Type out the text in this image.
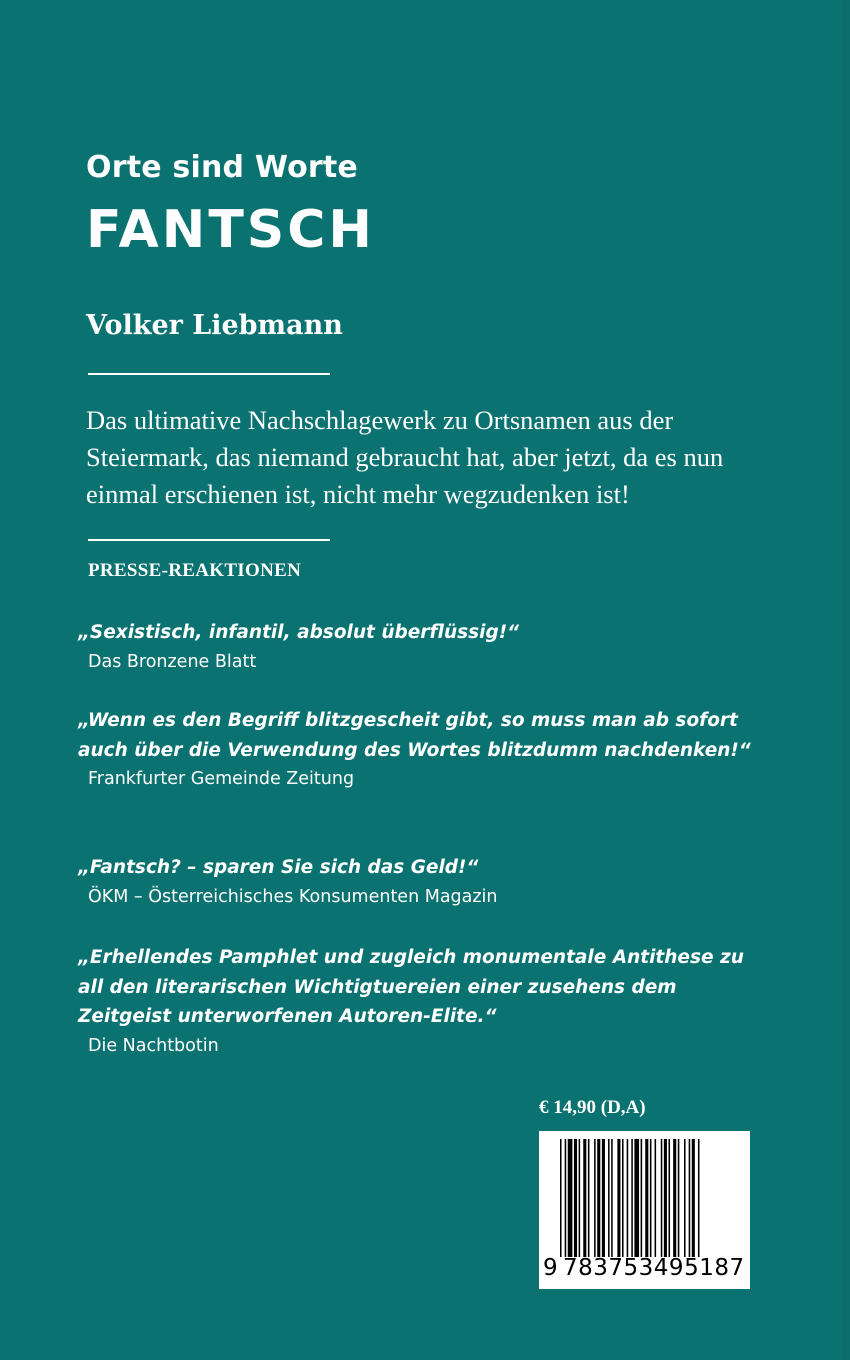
Orte sind Worte
FANTSCH
Volker Liebmann
Das ultimative Nachschlagewerk zu Ortsnamen aus der Steiermark, das niemand gebraucht hat, aber jetzt, da es nun einmal erschienen ist, nicht mehr wegzudenken ist!
PRESSE-REAKTIONEN
„Sexistisch, infantil, absolut überflüssig!“
Das Bronzene Blatt
„Wenn es den Begriff blitzgescheit gibt, so muss man ab sofort auch über die Verwendung des Wortes blitzdumm nachdenken!“
Frankfurter Gemeinde Zeitung
„Fantsch? – sparen Sie sich das Geld!“
ÖKM – Österreichisches Konsumenten Magazin
„Erhellendes Pamphlet und zugleich monumentale Antithese zu all den literarischen Wichtigtuereien einer zusehens dem Zeitgeist unterworfenen Autoren-Elite.“
Die Nachtbotin
€ 14,90 (D,A)
9 783753495187
